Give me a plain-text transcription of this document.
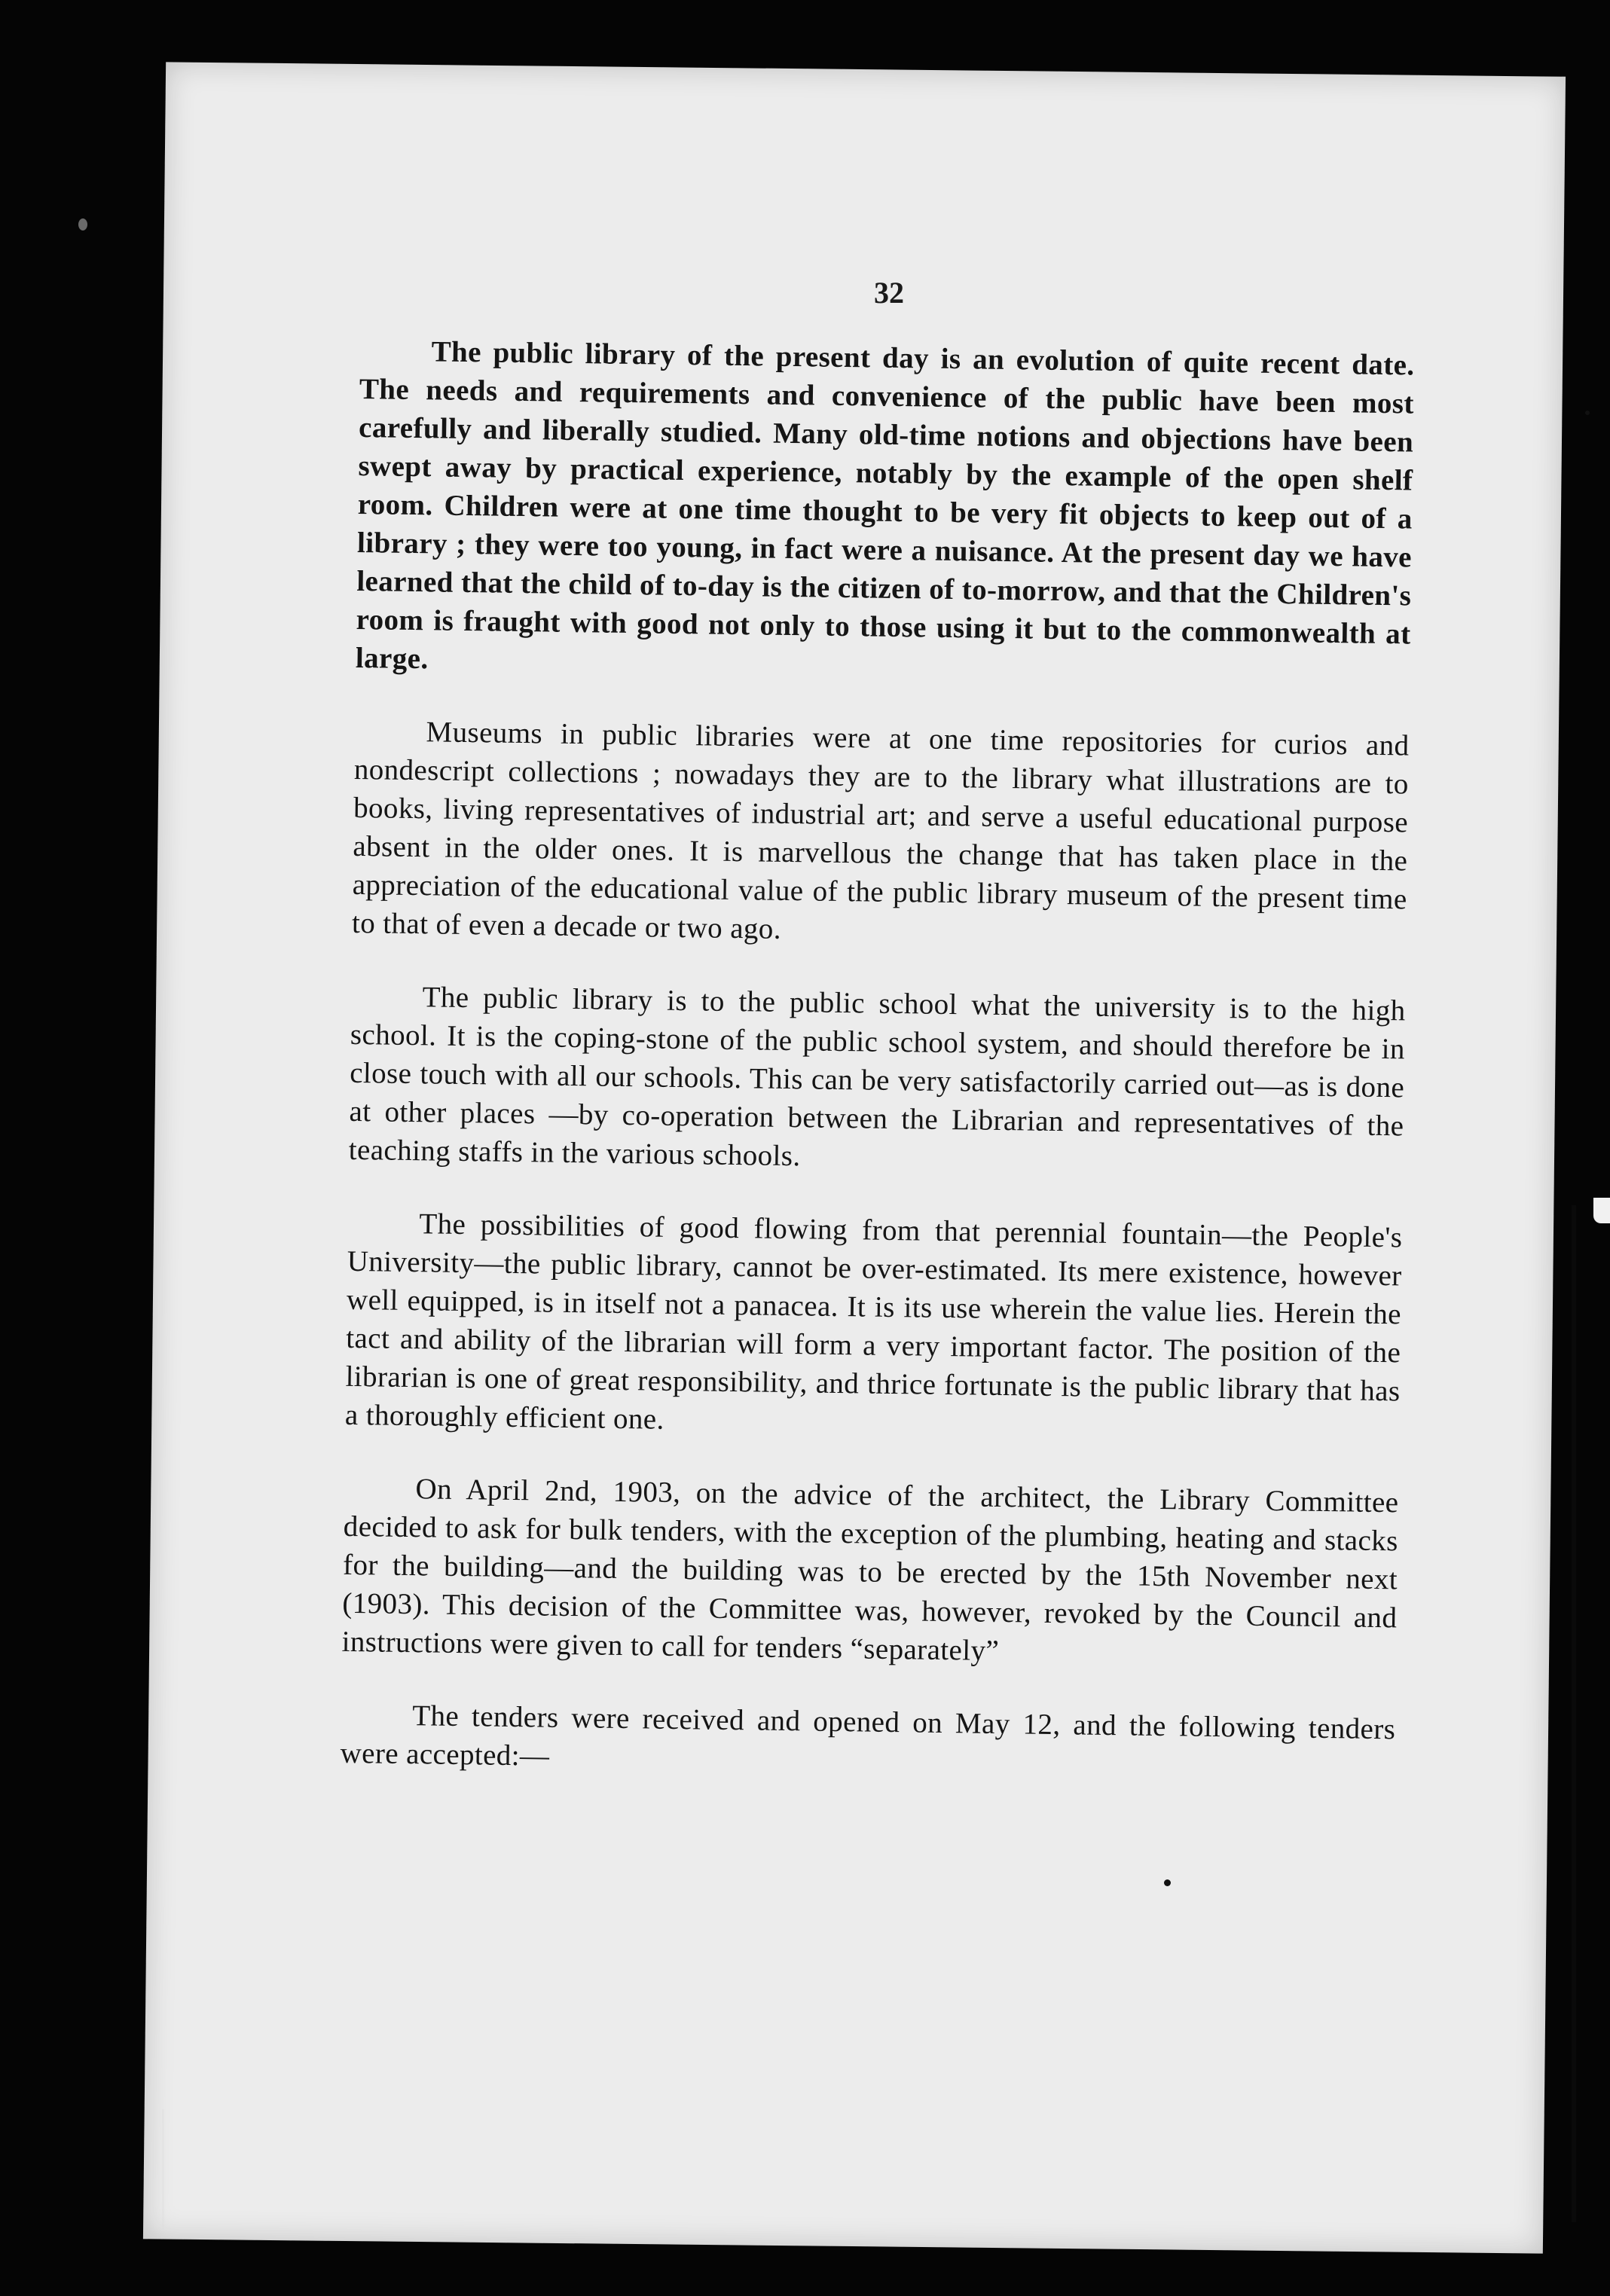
32

The public library of the present day is an evolution of quite recent date. The needs and requirements and convenience of the public have been most carefully and liberally studied. Many old-time notions and objections have been swept away by practical experience, notably by the example of the open shelf room. Children were at one time thought to be very fit objects to keep out of a library ; they were too young, in fact were a nuisance. At the present day we have learned that the child of to-day is the citizen of to-morrow, and that the Children's room is fraught with good not only to those using it but to the commonwealth at large.

Museums in public libraries were at one time repositories for curios and nondescript collections ; nowadays they are to the library what illustrations are to books, living representatives of industrial art; and serve a useful educational purpose absent in the older ones. It is marvellous the change that has taken place in the appreciation of the educational value of the public library museum of the present time to that of even a decade or two ago.

The public library is to the public school what the university is to the high school. It is the coping-stone of the public school system, and should therefore be in close touch with all our schools. This can be very satisfactorily carried out—as is done at other places —by co-operation between the Librarian and representatives of the teaching staffs in the various schools.

The possibilities of good flowing from that perennial fountain—the People's University—the public library, cannot be over-estimated. Its mere existence, however well equipped, is in itself not a panacea. It is its use wherein the value lies. Herein the tact and ability of the librarian will form a very important factor. The position of the librarian is one of great responsibility, and thrice fortunate is the public library that has a thoroughly efficient one.

On April 2nd, 1903, on the advice of the architect, the Library Committee decided to ask for bulk tenders, with the exception of the plumbing, heating and stacks for the building—and the building was to be erected by the 15th November next (1903). This decision of the Committee was, however, revoked by the Council and instructions were given to call for tenders “separately”

The tenders were received and opened on May 12, and the following tenders were accepted:—
